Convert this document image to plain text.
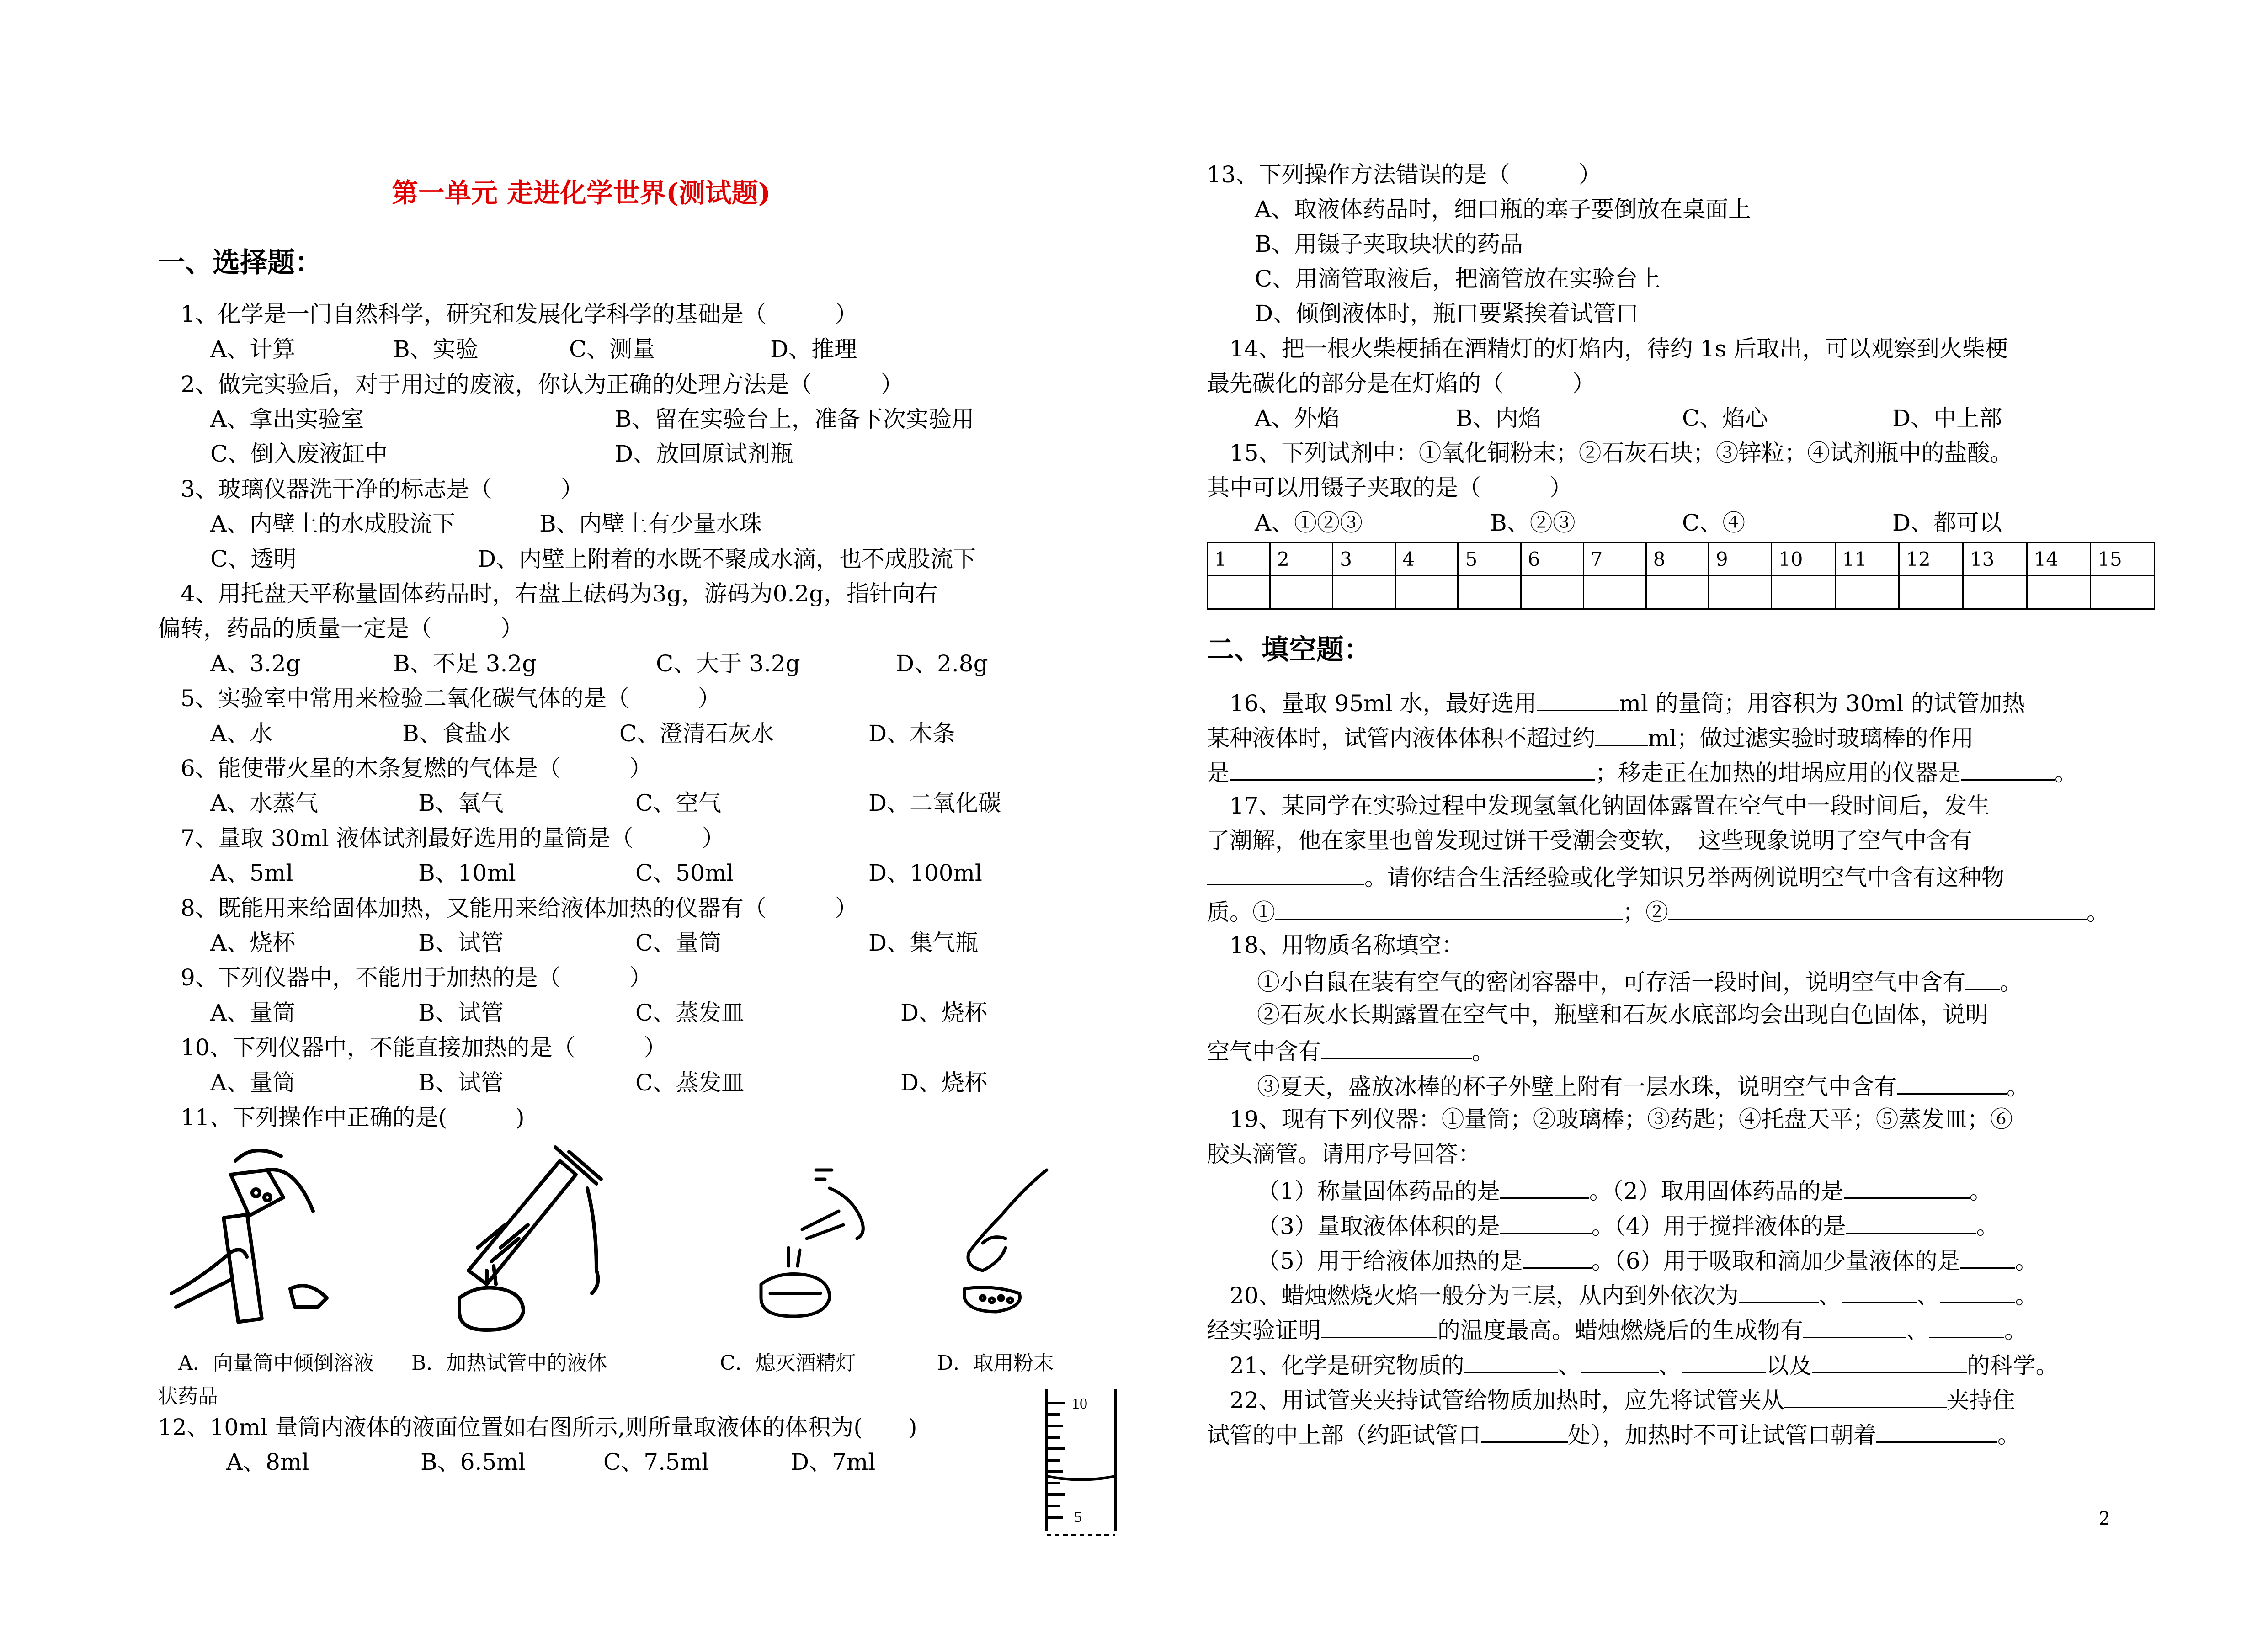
第一单元 走进化学世界(测试题)
一、选择题：
1、化学是一门自然科学，研究和发展化学科学的基础是（　　　）
A、计算	B、实验	C、测量	D、推理
2、做完实验后，对于用过的废液，你认为正确的处理方法是（　　　）
A、拿出实验室	B、留在实验台上，准备下次实验用
C、倒入废液缸中	D、放回原试剂瓶
3、玻璃仪器洗干净的标志是（　　　）
A、内壁上的水成股流下	B、内壁上有少量水珠
C、透明	D、内壁上附着的水既不聚成水滴，也不成股流下
4、用托盘天平称量固体药品时，右盘上砝码为3g，游码为0.2g，指针向右
偏转，药品的质量一定是（　　　）
A、3.2g	B、不足 3.2g	C、大于 3.2g	D、2.8g
5、实验室中常用来检验二氧化碳气体的是（　　　）
A、水	B、食盐水	C、澄清石灰水	D、木条
6、能使带火星的木条复燃的气体是（　　　）
A、水蒸气	B、氧气	C、空气	D、二氧化碳
7、量取 30ml 液体试剂最好选用的量筒是（　　　）
A、5ml	B、10ml	C、50ml	D、100ml
8、既能用来给固体加热，又能用来给液体加热的仪器有（　　　）
A、烧杯	B、试管	C、量筒	D、集气瓶
9、下列仪器中，不能用于加热的是（　　　）
A、量筒	B、试管	C、蒸发皿	D、烧杯
10、下列仪器中，不能直接加热的是（　　　）
A、量筒	B、试管	C、蒸发皿	D、烧杯
11、下列操作中正确的是(　　　)
A．向量筒中倾倒溶液 B．加热试管中的液体	C．熄灭酒精灯	D．取用粉末
状药品
12、10ml 量筒内液体的液面位置如右图所示,则所量取液体的体积为(　　)
A、8ml	B、6.5ml	C、7.5ml	D、7ml
10
5
13、下列操作方法错误的是（　　　）
A、取液体药品时，细口瓶的塞子要倒放在桌面上
B、用镊子夹取块状的药品
C、用滴管取液后，把滴管放在实验台上
D、倾倒液体时，瓶口要紧挨着试管口
14、把一根火柴梗插在酒精灯的灯焰内，待约 1s 后取出，可以观察到火柴梗
最先碳化的部分是在灯焰的（　　　）
A、外焰	B、内焰	C、焰心	D、中上部
15、下列试剂中：①氧化铜粉末；②石灰石块；③锌粒；④试剂瓶中的盐酸。
其中可以用镊子夹取的是（　　　）
A、①②③	B、②③	C、④	D、都可以
1	2	3	4	5	6	7	8	9	10	11	12	13	14	15

二、填空题：
16、量取 95ml 水，最好选用	ml 的量筒；用容积为 30ml 的试管加热
某种液体时，试管内液体体积不超过约 ml；做过滤实验时玻璃棒的作用
是	；移走正在加热的坩埚应用的仪器是	。
17、某同学在实验过程中发现氢氧化钠固体露置在空气中一段时间后，发生
了潮解，他在家里也曾发现过饼干受潮会变软，　这些现象说明了空气中含有
。请你结合生活经验或化学知识另举两例说明空气中含有这种物
质。①	；②	。
18、用物质名称填空：
①小白鼠在装有空气的密闭容器中，可存活一段时间，说明空气中含有 。
②石灰水长期露置在空气中，瓶壁和石灰水底部均会出现白色固体，说明
空气中含有	。
③夏天，盛放冰棒的杯子外壁上附有一层水珠，说明空气中含有	。
19、现有下列仪器：①量筒；②玻璃棒；③药匙；④托盘天平；⑤蒸发皿；⑥
胶头滴管。请用序号回答：
（1）称量固体药品的是	。（2）取用固体药品的是	。
（3）量取液体体积的是	。（4）用于搅拌液体的是	。
（5）用于给液体加热的是	。（6）用于吸取和滴加少量液体的是 。
20、蜡烛燃烧火焰一般分为三层，从内到外依次为	、	、	。
经实验证明	的温度最高。蜡烛燃烧后的生成物有	、	。
21、化学是研究物质的	、	、	以及	的科学。
22、用试管夹夹持试管给物质加热时，应先将试管夹从	夹持住
试管的中上部（约距试管口	处），加热时不可让试管口朝着	。
2
